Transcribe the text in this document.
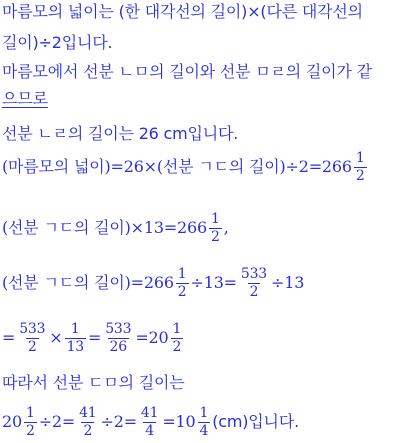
마름모의 넓이는 (한 대각선의 길이)×(다른 대각선의
길이)÷2입니다.
마름모에서 선분 ㄴㅁ의 길이와 선분 ㅁㄹ의 길이가 같
으므로
선분 ㄴㄹ의 길이는 26 cm입니다.
(마름모의 넓이)=26×(선분 ㄱㄷ의 길이)$\div 2=266 \frac{1}{2}$
(선분 ㄱㄷ의 길이)$\times 13=266 \frac{1}{2}$ ,
(선분 ㄱㄷ의 길이)$=266 \frac{1}{2} \div 13= \frac{533}{2} \div 13$
= $\frac{533}{2} \times \frac{1}{13} = \frac{533}{26} =20 \frac{1}{2}$
따라서 선분 ㄷㅁ의 길이는
$20 \frac{1}{2} \div 2= \frac{41}{2} \div 2= \frac{41}{4} =10 \frac{1}{4} (cm)$입니다.
